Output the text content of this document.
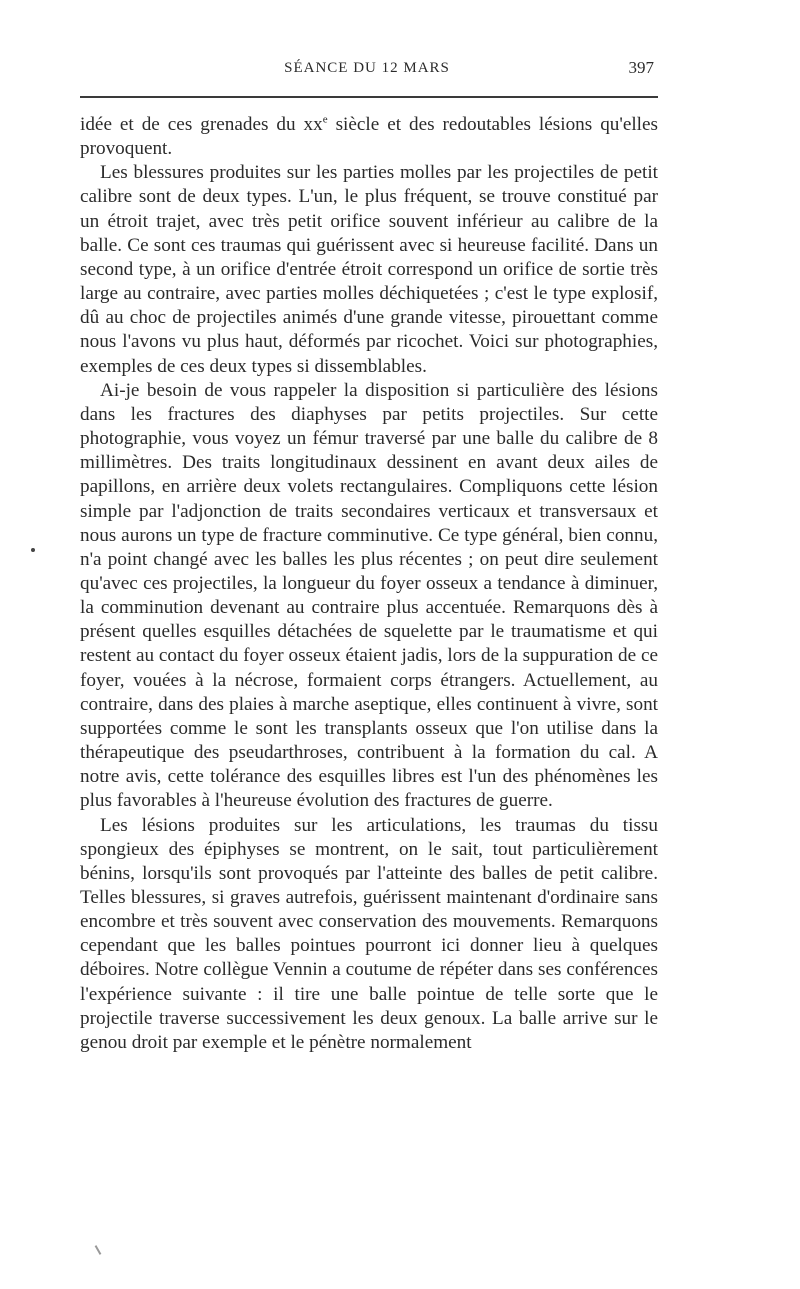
SÉANCE DU 12 MARS	397

idée et de ces grenades du $xx^e$ siècle et des redoutables lésions qu'elles provoquent.

Les blessures produites sur les parties molles par les projectiles de petit calibre sont de deux types. L'un, le plus fréquent, se trouve constitué par un étroit trajet, avec très petit orifice souvent inférieur au calibre de la balle. Ce sont ces traumas qui guérissent avec si heureuse facilité. Dans un second type, à un orifice d'entrée étroit correspond un orifice de sortie très large au contraire, avec parties molles déchiquetées ; c'est le type explosif, dû au choc de projectiles animés d'une grande vitesse, pirouettant comme nous l'avons vu plus haut, déformés par ricochet. Voici sur photographies, exemples de ces deux types si dissemblables.

Ai-je besoin de vous rappeler la disposition si particulière des lésions dans les fractures des diaphyses par petits projectiles. Sur cette photographie, vous voyez un fémur traversé par une balle du calibre de 8 millimètres. Des traits longitudinaux dessinent en avant deux ailes de papillons, en arrière deux volets rectangulaires. Compliquons cette lésion simple par l'adjonction de traits secondaires verticaux et transversaux et nous aurons un type de fracture comminutive. Ce type général, bien connu, n'a point changé avec les balles les plus récentes ; on peut dire seulement qu'avec ces projectiles, la longueur du foyer osseux a tendance à diminuer, la comminution devenant au contraire plus accentuée. Remarquons dès à présent quelles esquilles détachées de squelette par le traumatisme et qui restent au contact du foyer osseux étaient jadis, lors de la suppuration de ce foyer, vouées à la nécrose, formaient corps étrangers. Actuellement, au contraire, dans des plaies à marche aseptique, elles continuent à vivre, sont supportées comme le sont les transplants osseux que l'on utilise dans la thérapeutique des pseudarthroses, contribuent à la formation du cal. A notre avis, cette tolérance des esquilles libres est l'un des phénomènes les plus favorables à l'heureuse évolution des fractures de guerre.

Les lésions produites sur les articulations, les traumas du tissu spongieux des épiphyses se montrent, on le sait, tout particulièrement bénins, lorsqu'ils sont provoqués par l'atteinte des balles de petit calibre. Telles blessures, si graves autrefois, guérissent maintenant d'ordinaire sans encombre et très souvent avec conservation des mouvements. Remarquons cependant que les balles pointues pourront ici donner lieu à quelques déboires. Notre collègue Vennin a coutume de répéter dans ses conférences l'expérience suivante : il tire une balle pointue de telle sorte que le projectile traverse successivement les deux genoux. La balle arrive sur le genou droit par exemple et le pénètre normalement
